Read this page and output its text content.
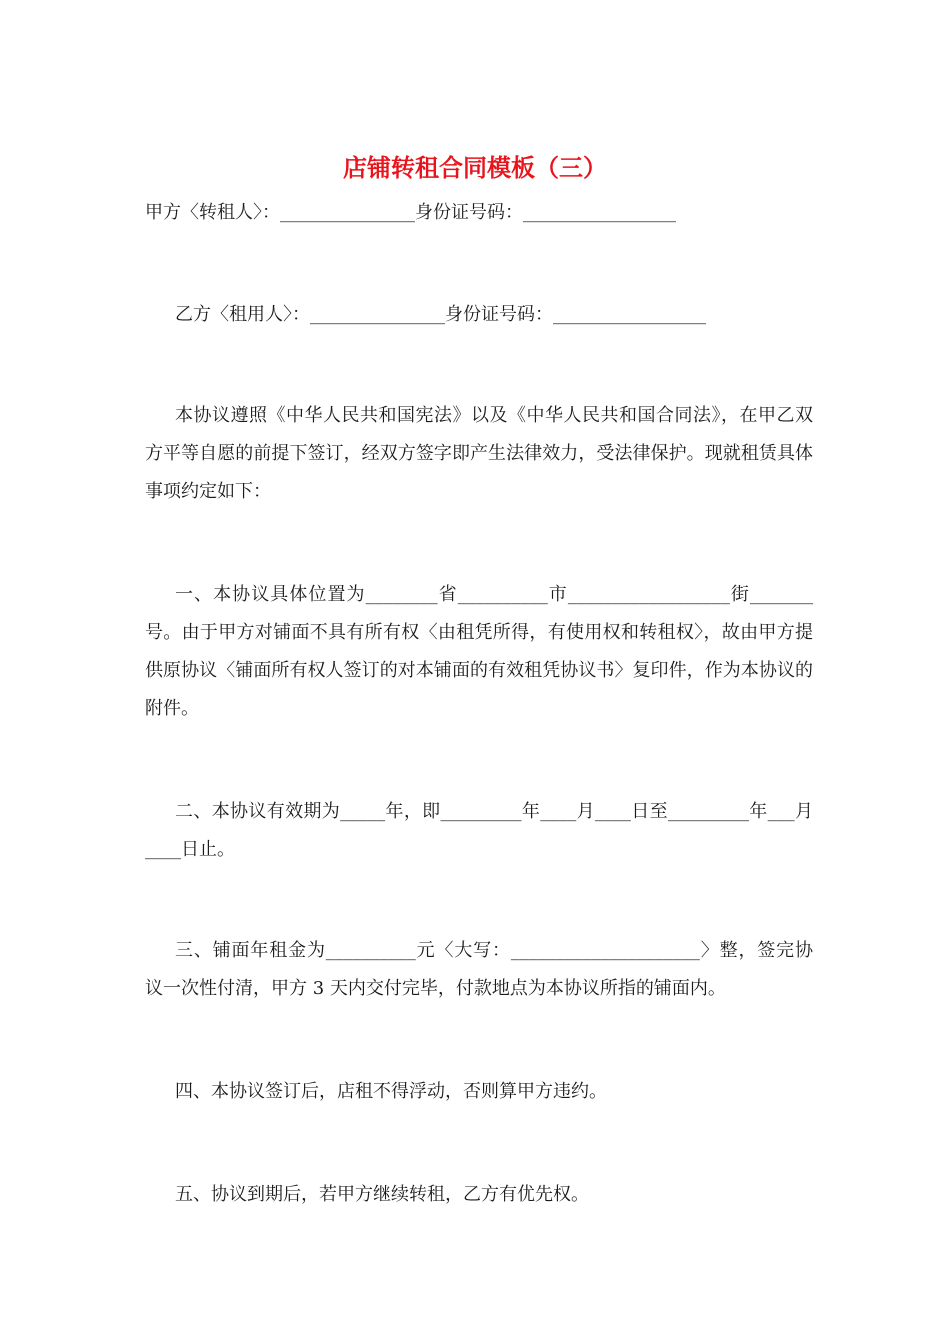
店铺转租合同模板（三）
甲方〈转租人〉：_______________身份证号码：_________________
乙方〈租用人〉：_______________身份证号码：_________________
本协议遵照《中华人民共和国宪法》以及《中华人民共和国合同法》，在甲乙双方平等自愿的前提下签订，经双方签字即产生法律效力，受法律保护。现就租赁具体事项约定如下：
一、本协议具体位置为________省__________市__________________街_______号。由于甲方对铺面不具有所有权〈由租凭所得，有使用权和转租权〉，故由甲方提供原协议〈铺面所有权人签订的对本铺面的有效租凭协议书〉复印件，作为本协议的附件。
二、本协议有效期为_____年，即_________年____月____日至_________年___月____日止。
三、铺面年租金为__________元〈大写：_____________________〉整，签完协议一次性付清，甲方 3 天内交付完毕，付款地点为本协议所指的铺面内。
四、本协议签订后，店租不得浮动，否则算甲方违约。
五、协议到期后，若甲方继续转租，乙方有优先权。
